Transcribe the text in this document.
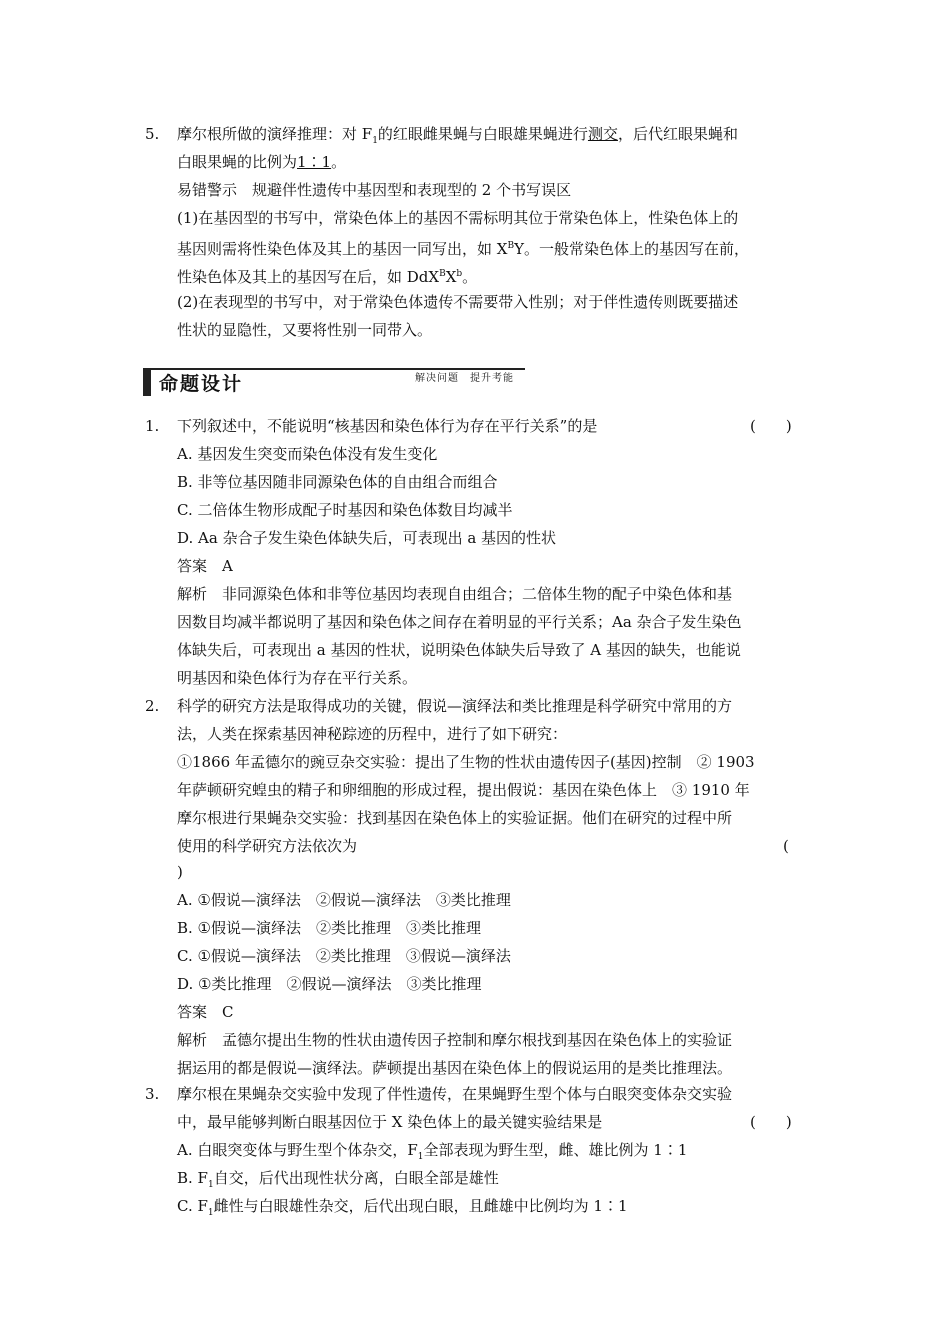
5. 摩尔根所做的演绎推理：对 $F_1$的红眼雌果蝇与白眼雄果蝇进行测交，后代红眼果蝇和
白眼果蝇的比例为1∶1。
易错警示　规避伴性遗传中基因型和表现型的 2 个书写误区
(1)在基因型的书写中，常染色体上的基因不需标明其位于常染色体上，性染色体上的
基因则需将性染色体及其上的基因一同写出，如 $X^BY$。一般常染色体上的基因写在前，
性染色体及其上的基因写在后，如 $DdX^BX^b$。
(2)在表现型的书写中，对于常染色体遗传不需要带入性别；对于伴性遗传则既要描述
性状的显隐性，又要将性别一同带入。
命题设计	解决问题　提升考能
1. 下列叙述中，不能说明“核基因和染色体行为存在平行关系”的是	(　　)
A. 基因发生突变而染色体没有发生变化
B. 非等位基因随非同源染色体的自由组合而组合
C. 二倍体生物形成配子时基因和染色体数目均减半
D. Aa 杂合子发生染色体缺失后，可表现出 a 基因的性状
答案　A
解析　非同源染色体和非等位基因均表现自由组合；二倍体生物的配子中染色体和基
因数目均减半都说明了基因和染色体之间存在着明显的平行关系；Aa 杂合子发生染色
体缺失后，可表现出 a 基因的性状，说明染色体缺失后导致了 A 基因的缺失，也能说
明基因和染色体行为存在平行关系。
2. 科学的研究方法是取得成功的关键，假说—演绎法和类比推理是科学研究中常用的方
法，人类在探索基因神秘踪迹的历程中，进行了如下研究：
①1866 年孟德尔的豌豆杂交实验：提出了生物的性状由遗传因子(基因)控制　② 1903
年萨顿研究蝗虫的精子和卵细胞的形成过程，提出假说：基因在染色体上　③ 1910 年
摩尔根进行果蝇杂交实验：找到基因在染色体上的实验证据。他们在研究的过程中所
使用的科学研究方法依次为	(
)
A. ①假说—演绎法　②假说—演绎法　③类比推理
B. ①假说—演绎法　②类比推理　③类比推理
C. ①假说—演绎法　②类比推理　③假说—演绎法
D. ①类比推理　②假说—演绎法　③类比推理
答案　C
解析　孟德尔提出生物的性状由遗传因子控制和摩尔根找到基因在染色体上的实验证
据运用的都是假说—演绎法。萨顿提出基因在染色体上的假说运用的是类比推理法。
3. 摩尔根在果蝇杂交实验中发现了伴性遗传，在果蝇野生型个体与白眼突变体杂交实验
中，最早能够判断白眼基因位于 X 染色体上的最关键实验结果是	(　　)
A. 白眼突变体与野生型个体杂交，$F_1$全部表现为野生型，雌、雄比例为 1∶1
B. $F_1$自交，后代出现性状分离，白眼全部是雄性
C. $F_1$雌性与白眼雄性杂交，后代出现白眼，且雌雄中比例均为 1∶1
